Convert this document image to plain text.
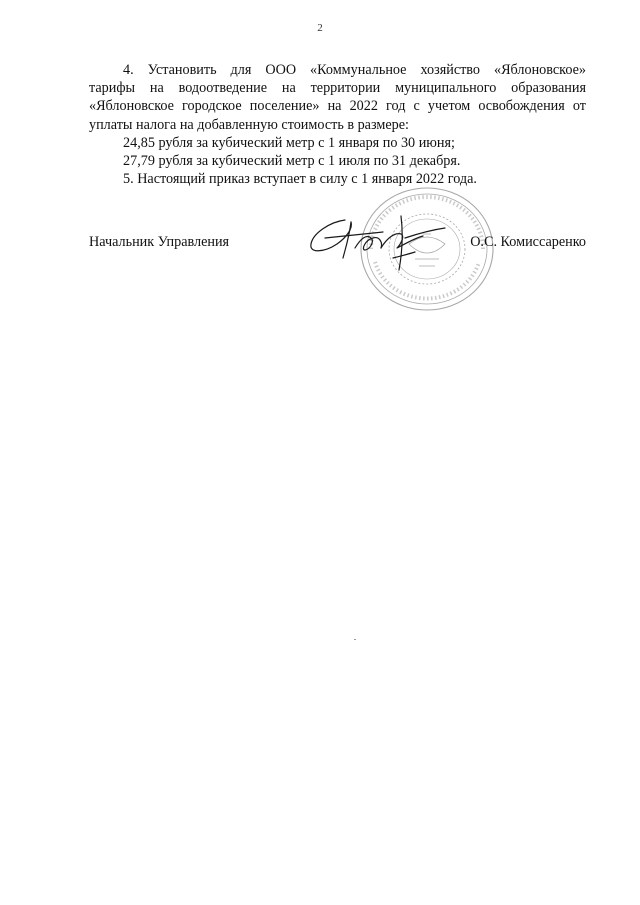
2

4. Установить для ООО «Коммунальное хозяйство «Яблоновское»
тарифы на водоотведение на территории муниципального образования
«Яблоновское городское поселение» на 2022 год с учетом освобождения от
уплаты налога на добавленную стоимость в размере:

24,85 рубля за кубический метр с 1 января по 30 июня;

27,79 рубля за кубический метр с 1 июля по 31 декабря.

5. Настоящий приказ вступает в силу с 1 января 2022 года.

Начальник Управления	О.С. Комиссаренко
